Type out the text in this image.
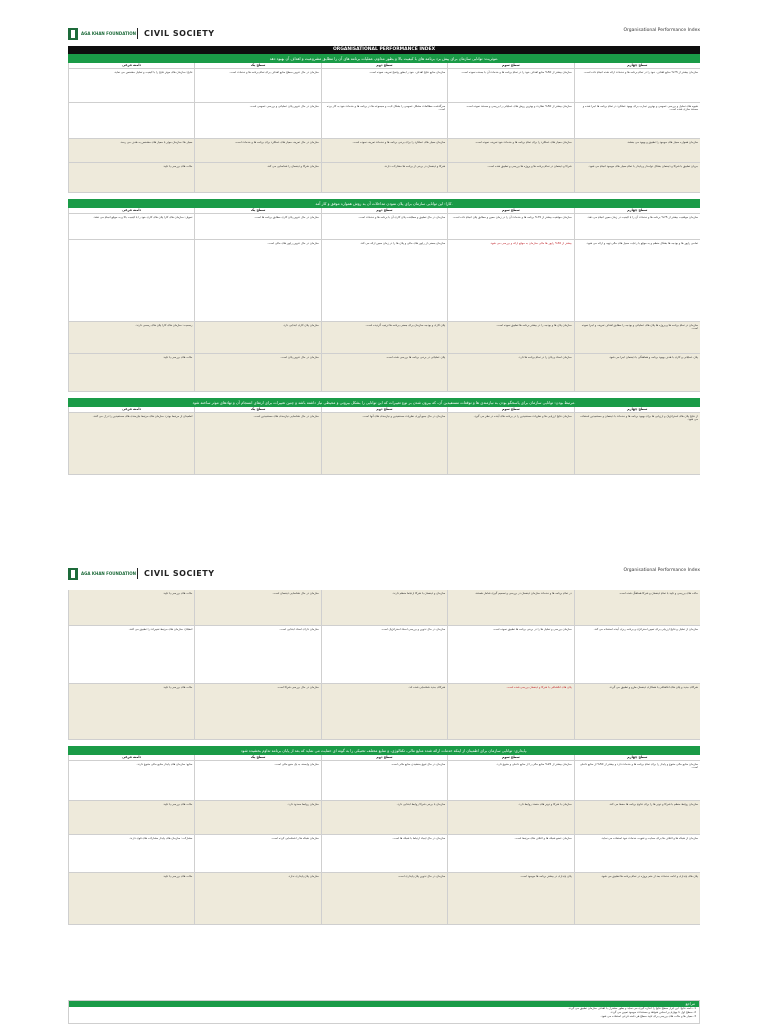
AGA KHAN FOUNDATION CIVIL SOCIETY	Organisational Performance Index
ORGANISATIONAL PERFORMANCE INDEX
موثریت: توانایی سازمان برای پیش برد برنامه های با کیفیت بالا و بطور مداوم، عملیات برنامه های آن را مطابق مشروعیت و اهداف آن بهبود دهد.
سطح چهارم
سطح سوم
سطح دوم
سطح یک
دامنه فرعی
سازمان بیشتر از 75% منابع اهداف، خود را در تمام برنامه ها و خدمات ارائه شده انجام داده است.
سازمان بیشتر از 50% منابع اهداف خود را در تمام برنامه ها و خدمات آن با بسنده نموده است.
سازمان منابع نتایج اهداف، خود را بطور واضح تعریف نموده است.
سازمان در حال تدوین سطح منابع اهداف برای تمام برنامه ها و خدمات است.
نتایج: سازمان های موثر نتایج را با کیفیت و تحلیل مشخص می نماید.
شیوه های تحلیل و بررسی عمومی و بهترین تجارب برای بهبود عملکرد در تمام برنامه ها اجرا شده و مستند سازی شده است.
سازمان بیشتر از 50% نظارت و بهترین روش های عملیاتی را بررسی و مستند نموده است.
سرگذشت مطالعات مشکل عمومی را بشکل ثابت و مجموعه ها در برنامه ها و خدمات خود به کار برده است.
سازمان در حال تدوین پلان عملیاتی و بررسی عمومی است.
سازمان همواره معیار های موجود را تطبیق و بهبود می بخشد.
سازمان معیار های عملکرد را برای تمام برنامه ها و خدمات خود تعریف نموده است.
سازمان معیار های عملکرد را برای برخی برنامه ها و خدمات تعریف نموده است.
سازمان در حال تعریف معیار های عملکرد برای برنامه ها و خدمات است.
معیار ها: سازمان موثر با معیار های مشخص به هدف می رسد.
جریان تطبیق با شرکا و ذینفعان بشکل دوامدار و پایدار با تمام معیار های موجود انجام می شود.
شرکا و ذینفعان در تمام برنامه ها و پروژه ها بررسی و تطبیق شده است.
شرکا و ذینفعان در برخی از برنامه ها مشارکت دارند.
سازمان شرکا و ذینفعان را شناسایی می کند.
حالت های بررسی یا تایید
کارا: این توانایی سازمان برای پلان نمودن مداخلات آن به روش همواره موفق و کار آمد.
سطح چهارم
سطح سوم
سطح دوم
سطح یک
دامنه فرعی
سازمان موفقیت بیشتر از 75% برنامه ها و خدمات آن را با کیفیت در زمان معین انجام می دهد.
سازمان موفقیت بیشتر از 75% برنامه ها و خدمات آن را در زمان معین و مطابق پلان انجام داده است.
سازمان در حال تطبیق و مطابقت پلان کاری آن با برنامه ها و خدمات است.
سازمان در حال تدوین پلان کاری مطابق برنامه ها است.
تحویل: سازمان های کارا پلان های کاری خود را با کیفیت بالا و به موقع انجام می دهند.
تمامی راپور ها و بودجه ها بشکل منظم و به موقع با رعایت معیار های مالی تهیه و ارائه می شود.
بیشتر از 50% راپور ها مالی سازمان به موقع ارائه و بررسی می شود.
سازمان بعضی از راپور های مالی و پلان ها را در زمان معین ارائه می کند.
سازمان در حال تدوین راپور های مالی است.
سازمان در تمام برنامه ها و پروژه ها پلان های عملیاتی و بودجه را مطابق اهداف تعریف و اجرا نموده است.
سازمان پلان ها و بودجه را در بیشتر برنامه ها تطبیق نموده است.
پلان کاری و بودجه سازمان برای بعضی برنامه ها ترتیب گردیده است.
سازمان پلان کاری ابتدایی دارد.
رسمیت: سازمان های کارا پلان های رسمی دارند.
پلان عملیاتی و کاری با هدف بهبود برنامه و هماهنگی با ذینفعان اجرا می شود.
سازمان اسناد و پلان را در تمام برنامه ها دارد.
پلان عملیاتی در برخی برنامه ها بررسی شده است.
سازمان در حال تدوین پلان است.
حالت های بررسی یا تایید
مرتبط بودن: توانایی سازمان برای پاسخگو بودن به نیازمندی ها و توقعات مستفیدین آن، که بیرون شدن بر نوع تغییرات که این توانایی را بشکل بیرونی و محیطی نیاز داشته باشد و چنین تغییرات برای ارتقای انسجام آن و نهادهای موثر ساخته شود.
سطح چهارم
سطح سوم
سطح دوم
سطح یک
دامنه فرعی
از نتایج پلان های استراتژیک و ارزیابی ها برای بهبود برنامه ها و خدمات با ذینفعان و مستفیدین استفاده می شود.
سازمان نتایج ارزیابی ها و نظریات مستفیدین را در برنامه های آینده در نظر می گیرد.
سازمان در حال جمع آوری نظریات مستفیدین و نیازمندی های آنها است.
سازمان در حال شناسایی نیازمندی های مستفیدین است.
اطمینان از مرتبط بودن: سازمان های مرتبط نیازمندی های مستفیدین را درک می کنند.
AGA KHAN FOUNDATION CIVIL SOCIETY	Organisational Performance Index
حالت های بررسی و تایید با تمام ذینفعان و شرکا هماهنگ شده است.
در تمام برنامه ها و خدمات سازمان ذینفعان در بررسی و تصمیم گیری شامل هستند.
سازمان و ذینفعان با شرکا ارتباط منظم دارند.
سازمان در حال شناسایی ذینفعان است.
حالت های بررسی یا تایید
سازمان از تحلیل و نتایج ارزیابی برای تعیین استراتژی و برنامه ریزی آینده استفاده می کند.
سازمان بررسی و تحلیل ها را در برخی برنامه ها تطبیق نموده است.
سازمان در حال تدوین و بررسی اسناد استراتژیک است.
سازمان دارای اسناد ابتدایی است.
انطباق: سازمان های مرتبط تغییرات را تطبیق می کنند.
شرکای جدید و پلان های انکشافی با همکاری ذینفعان طرح و تطبیق می گردد.
پلان های انکشافی با شرکا و ذینفعان بررسی شده است.
شرکای جدید شناسایی شده اند.
سازمان در حال بررسی شرکا است.
حالت های بررسی یا تایید
پایداری: توانایی سازمان برای اطمینان از اینکه خدمات ارائه شده منابع مالی، تکنالوژی، و منابع مختلف تخنیکی را به گونه ای حمایت می نماید که بعد از پایان برنامه تداوم بخشیده شود.
سطح چهارم
سطح سوم
سطح دوم
سطح یک
دامنه فرعی
سازمان منابع مالی متنوع و پایدار را برای تمام برنامه ها و خدمات دارد و بیشتر از 50% از منابع داخلی است.
سازمان بیشتر از 25% منابع مالی را از منابع داخلی و متنوع دارد.
سازمان در حال تنوع بخشیدن منابع مالی است.
سازمان وابسته به یک منبع مالی است.
منابع: سازمان های پایدار منابع مالی متنوع دارند.
سازمان روابط منظم با شرکا و دونر ها را برای تداوم برنامه ها حفظ می کند.
سازمان با شرکا و دونر های متعدد روابط دارد.
سازمان با برخی شرکا روابط ابتدایی دارد.
سازمان روابط محدود دارد.
حالت های بررسی یا تایید
سازمان از شبکه ها و ائتلاف ها برای حمایت و تقویت خدمات خود استفاده می نماید.
سازمان عضو شبکه ها و ائتلاف های مرتبط است.
سازمان در حال ایجاد ارتباط با شبکه ها است.
سازمان شبکه ها را شناسایی کرده است.
مشارکت: سازمان های پایدار مشارکت های قوی دارند.
پلان های پایداری و ادامه خدمات بعد از ختم پروژه در تمام برنامه ها تطبیق می شود.
پلان پایداری در بیشتر برنامه ها موجود است.
سازمان در حال تدوین پلان پایداری است.
سازمان پلان پایداری ندارد.
حالت های بررسی یا تایید
مراجع
1. دامنه نتایج: این ابزار سطح نتایج را اندازه گیری می نماید و بطور مشترک با اهداف سازمان تطبیق می گردد.
2. سطح اول تا چهارم بر اساس شواهد و مستندات موجود تعیین می گردد.
3. معیار ها و حالت های بررسی برای تایید سطح هر دامنه فرعی استفاده می شود.
